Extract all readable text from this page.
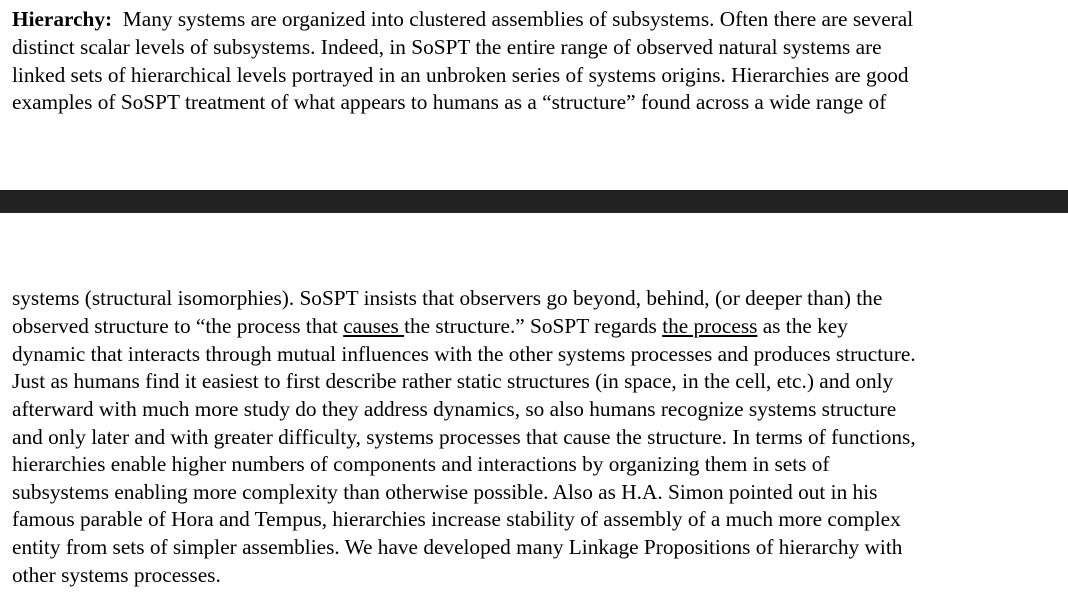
Hierarchy:  Many systems are organized into clustered assemblies of subsystems. Often there are several
distinct scalar levels of subsystems. Indeed, in SoSPT the entire range of observed natural systems are
linked sets of hierarchical levels portrayed in an unbroken series of systems origins. Hierarchies are good
examples of SoSPT treatment of what appears to humans as a “structure” found across a wide range of
systems (structural isomorphies). SoSPT insists that observers go beyond, behind, (or deeper than) the
observed structure to “the process that causes the structure.” SoSPT regards the process as the key
dynamic that interacts through mutual influences with the other systems processes and produces structure.
Just as humans find it easiest to first describe rather static structures (in space, in the cell, etc.) and only
afterward with much more study do they address dynamics, so also humans recognize systems structure
and only later and with greater difficulty, systems processes that cause the structure. In terms of functions,
hierarchies enable higher numbers of components and interactions by organizing them in sets of
subsystems enabling more complexity than otherwise possible. Also as H.A. Simon pointed out in his
famous parable of Hora and Tempus, hierarchies increase stability of assembly of a much more complex
entity from sets of simpler assemblies. We have developed many Linkage Propositions of hierarchy with
other systems processes.
